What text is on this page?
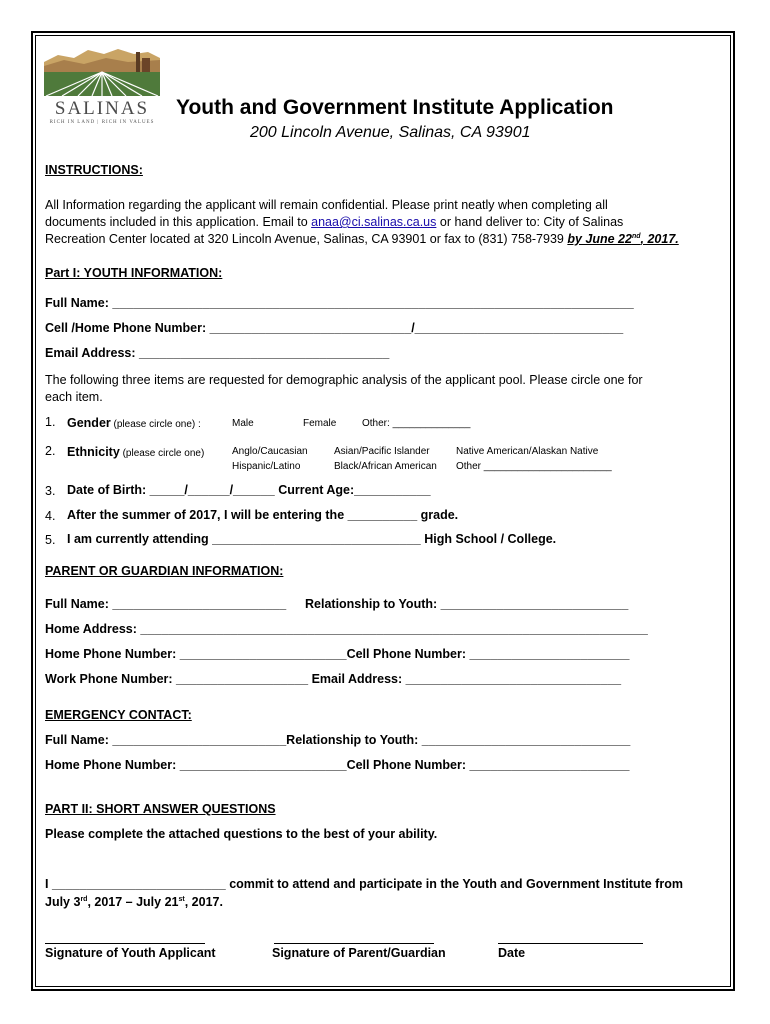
SALINAS
RICH IN LAND | RICH IN VALUES
Youth and Government Institute Application
200 Lincoln Avenue, Salinas, CA 93901
INSTRUCTIONS:
All Information regarding the applicant will remain confidential. Please print neatly when completing all
documents included in this application. Email to anaa@ci.salinas.ca.us or hand deliver to: City of Salinas
Recreation Center located at 320 Lincoln Avenue, Salinas, CA 93901 or fax to (831) 758-7939 by June 22nd, 2017.
Part I: YOUTH INFORMATION:
Full Name: ___________________________________________________________________________
Cell /Home Phone Number: _____________________________/______________________________
Email Address: ____________________________________
The following three items are requested for demographic analysis of the applicant pool. Please circle one for
each item.
1. Gender (please circle one) :	Male	Female	Other: ______________
2. Ethnicity (please circle one)	Anglo/Caucasian	Asian/Pacific Islander	Native American/Alaskan Native
Hispanic/Latino	Black/African American Other _______________________
3. Date of Birth: _____/______/______ Current Age:___________
4. After the summer of 2017, I will be entering the __________ grade.
5. I am currently attending ______________________________ High School / College.
PARENT OR GUARDIAN INFORMATION:
Full Name: _________________________ Relationship to Youth: ___________________________
Home Address: _________________________________________________________________________
Home Phone Number: ________________________Cell Phone Number: _______________________
Work Phone Number: ___________________ Email Address: _______________________________
EMERGENCY CONTACT:
Full Name: _________________________Relationship to Youth: ______________________________
Home Phone Number: ________________________Cell Phone Number: _______________________
PART II: SHORT ANSWER QUESTIONS
Please complete the attached questions to the best of your ability.
I _________________________ commit to attend and participate in the Youth and Government Institute from
July 3rd, 2017 – July 21st, 2017.
Signature of Youth Applicant	Signature of Parent/Guardian	Date
